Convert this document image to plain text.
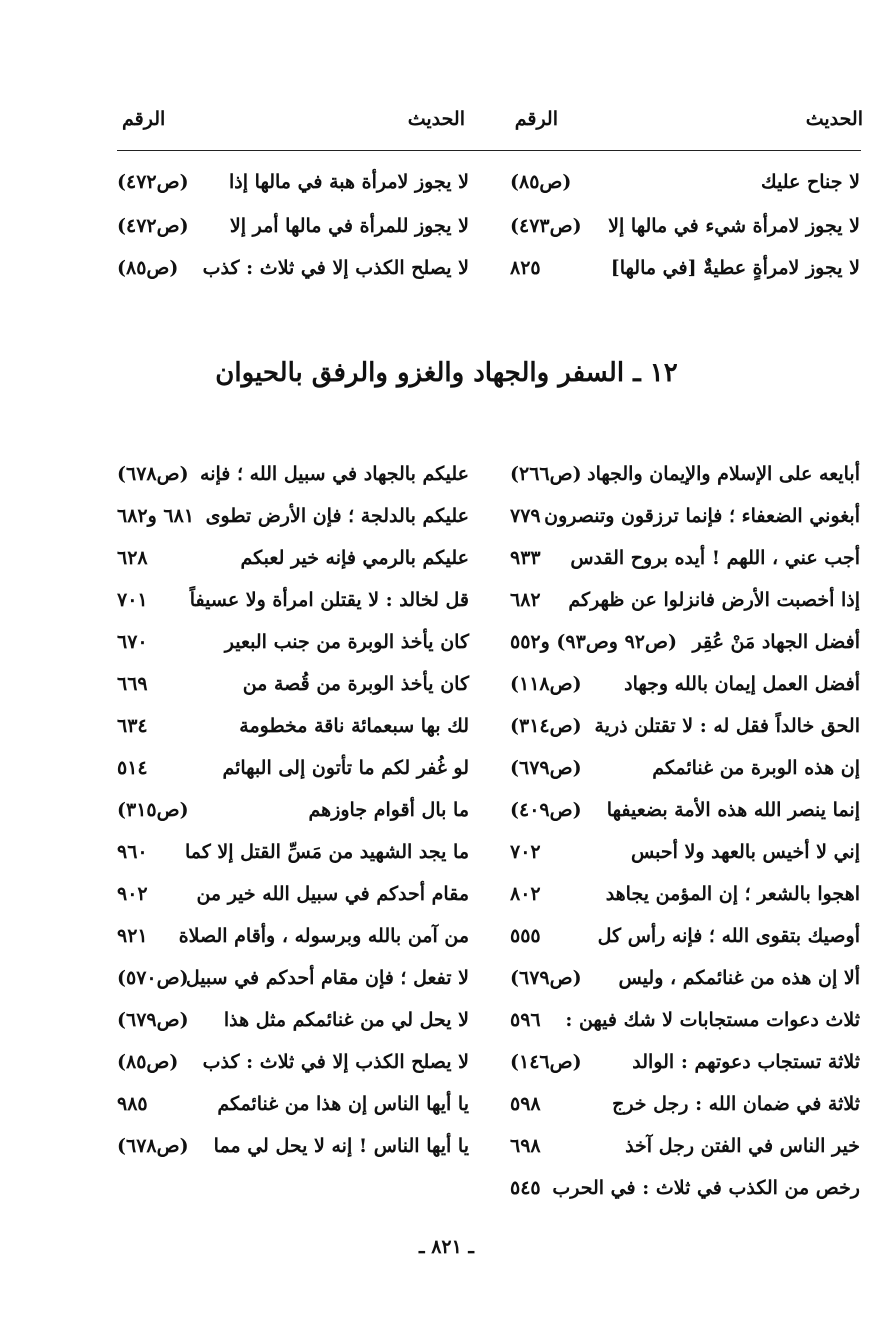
الحديث
الرقم
الحديث
الرقم
لا جناح عليك
(ص٨٥)
لا يجوز لامرأة شيء في مالها إلا
(ص٤٧٣)
لا يجوز لامرأةٍ عطيةٌ [في مالها]
٨٢٥
لا يجوز لامرأة هبة في مالها إذا
(ص٤٧٢)
لا يجوز للمرأة في مالها أمر إلا
(ص٤٧٢)
لا يصلح الكذب إلا في ثلاث : كذب
(ص٨٥)
١٢ ـ السفر والجهاد والغزو والرفق بالحيوان
أبايعه على الإسلام والإيمان والجهاد
(ص٢٦٦)
أبغوني الضعفاء ؛ فإنما ترزقون وتنصرون
٧٧٩
أجب عني ، اللهم ! أيده بروح القدس
٩٣٣
إذا أخصبت الأرض فانزلوا عن ظهركم
٦٨٢
أفضل الجهاد مَنْ عُقِر
(ص٩٢ وص٩٣) و٥٥٢
أفضل العمل إيمان بالله وجهاد
(ص١١٨)
الحق خالداً فقل له : لا تقتلن ذرية
(ص٣١٤)
إن هذه الوبرة من غنائمكم
(ص٦٧٩)
إنما ينصر الله هذه الأمة بضعيفها
(ص٤٠٩)
إني لا أخيس بالعهد ولا أحبس
٧٠٢
اهجوا بالشعر ؛ إن المؤمن يجاهد
٨٠٢
أوصيك بتقوى الله ؛ فإنه رأس كل
٥٥٥
ألا إن هذه من غنائمكم ، وليس
(ص٦٧٩)
ثلاث دعوات مستجابات لا شك فيهن :
٥٩٦
ثلاثة تستجاب دعوتهم : الوالد
(ص١٤٦)
ثلاثة في ضمان الله : رجل خرج
٥٩٨
خير الناس في الفتن رجل آخذ
٦٩٨
رخص من الكذب في ثلاث : في الحرب
٥٤٥
عليكم بالجهاد في سبيل الله ؛ فإنه
(ص٦٧٨)
عليكم بالدلجة ؛ فإن الأرض تطوى
٦٨١ و٦٨٢
عليكم بالرمي فإنه خير لعبكم
٦٢٨
قل لخالد : لا يقتلن امرأة ولا عسيفاً
٧٠١
كان يأخذ الوبرة من جنب البعير
٦٧٠
كان يأخذ الوبرة من قُصة من
٦٦٩
لك بها سبعمائة ناقة مخطومة
٦٣٤
لو غُفر لكم ما تأتون إلى البهائم
٥١٤
ما بال أقوام جاوزهم
(ص٣١٥)
ما يجد الشهيد من مَسِّ القتل إلا كما
٩٦٠
مقام أحدكم في سبيل الله خير من
٩٠٢
من آمن بالله وبرسوله ، وأقام الصلاة
٩٢١
لا تفعل ؛ فإن مقام أحدكم في سبيل
(ص٥٧٠)
لا يحل لي من غنائمكم مثل هذا
(ص٦٧٩)
لا يصلح الكذب إلا في ثلاث : كذب
(ص٨٥)
يا أيها الناس إن هذا من غنائمكم
٩٨٥
يا أيها الناس ! إنه لا يحل لي مما
(ص٦٧٨)
ـ ٨٢١ ـ
